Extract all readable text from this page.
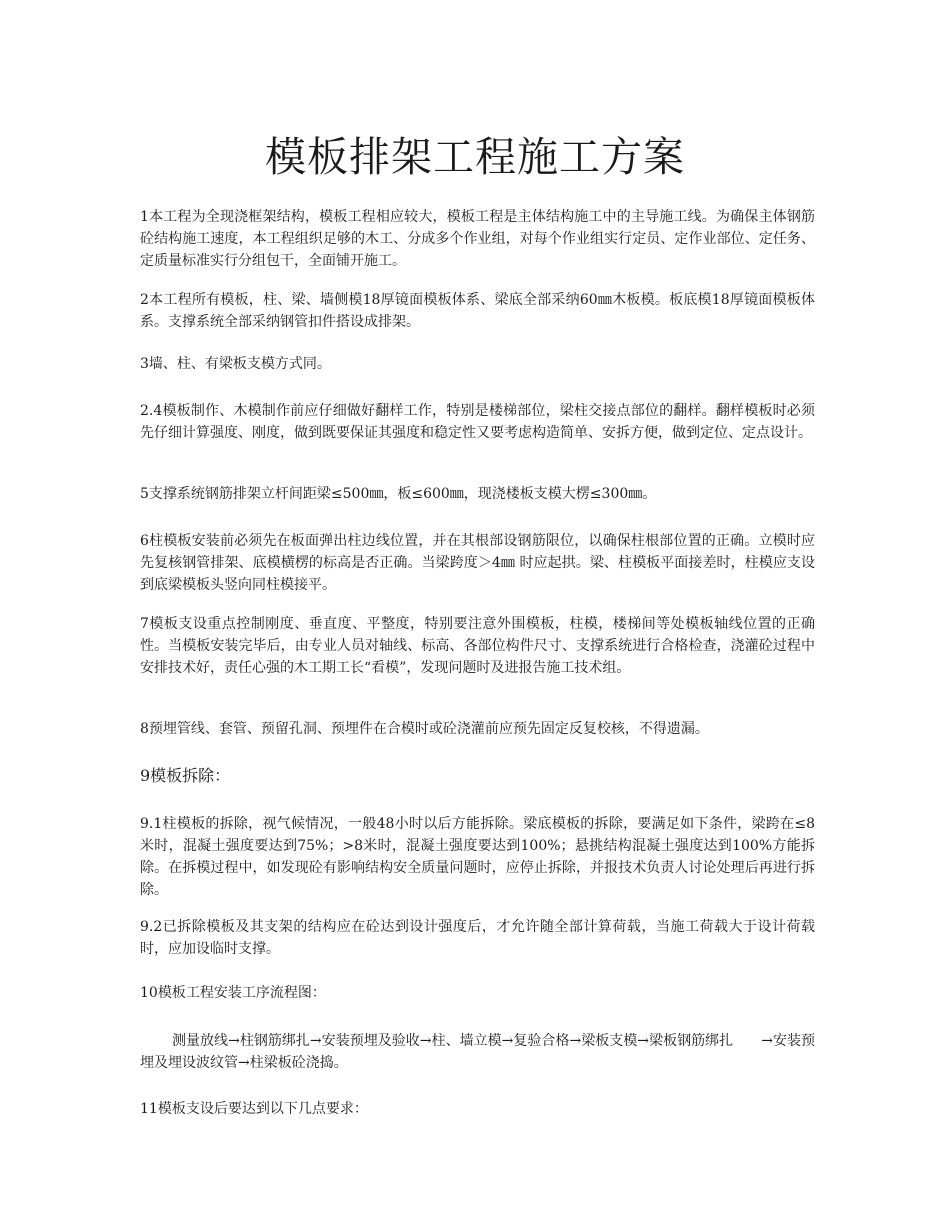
模板排架工程施工方案

1本工程为全现浇框架结构，模板工程相应较大，模板工程是主体结构施工中的主导施工线。为确保主体钢筋砼结构施工速度，本工程组织足够的木工、分成多个作业组，对每个作业组实行定员、定作业部位、定任务、定质量标准实行分组包干，全面铺开施工。

2本工程所有模板，柱、梁、墙侧模18厚镜面模板体系、梁底全部采纳60㎜木板模。板底模18厚镜面模板体系。支撑系统全部采纳钢管扣件搭设成排架。

3墙、柱、有梁板支模方式同。

2.4模板制作、木模制作前应仔细做好翻样工作，特别是楼梯部位，梁柱交接点部位的翻样。翻样模板时必须先仔细计算强度、刚度，做到既要保证其强度和稳定性又要考虑构造简单、安拆方便，做到定位、定点设计。

5支撑系统钢筋排架立杆间距梁≤500㎜，板≤600㎜，现浇楼板支模大楞≤300㎜。

6柱模板安装前必须先在板面弹出柱边线位置，并在其根部设钢筋限位，以确保柱根部位置的正确。立模时应先复核钢管排架、底模横楞的标高是否正确。当梁跨度＞4㎜ 时应起拱。梁、柱模板平面接差时，柱模应支设到底梁模板头竖向同柱模接平。

7模板支设重点控制刚度、垂直度、平整度，特别要注意外围模板，柱模，楼梯间等处模板轴线位置的正确性。当模板安装完毕后，由专业人员对轴线、标高、各部位构件尺寸、支撑系统进行合格检查，浇灌砼过程中安排技术好，责任心强的木工期工长“看模”，发现问题时及进报告施工技术组。

8预埋管线、套管、预留孔洞、预埋件在合模时或砼浇灌前应预先固定反复校核，不得遗漏。

9模板拆除：

9.1柱模板的拆除，视气候情况，一般48小时以后方能拆除。梁底模板的拆除，要满足如下条件，梁跨在≤8米时，混凝土强度要达到75%；>8米时，混凝土强度要达到100%；悬挑结构混凝土强度达到100%方能拆除。在拆模过程中，如发现砼有影响结构安全质量问题时，应停止拆除，并报技术负责人讨论处理后再进行拆除。

9.2已拆除模板及其支架的结构应在砼达到设计强度后，才允许随全部计算荷载，当施工荷载大于设计荷载时，应加设临时支撑。

10模板工程安装工序流程图：

测量放线→柱钢筋绑扎→安装预埋及验收→柱、墙立模→复验合格→梁板支模→梁板钢筋绑扎　　→安装预埋及埋设波纹管→柱梁板砼浇捣。

11模板支设后要达到以下几点要求：
